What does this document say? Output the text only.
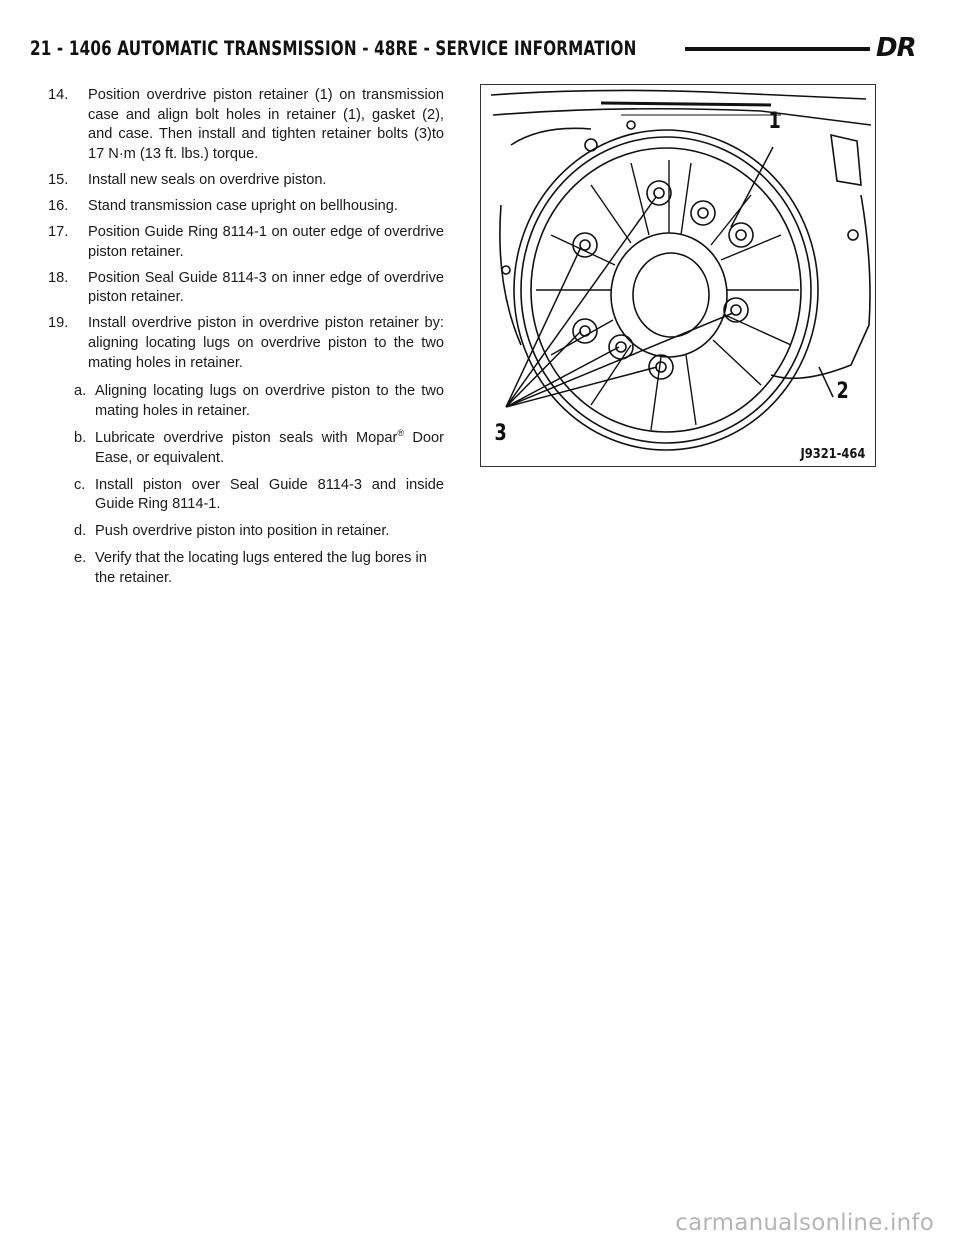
21 - 1406 AUTOMATIC TRANSMISSION - 48RE - SERVICE INFORMATION	DR
14.	Position overdrive piston retainer (1) on transmission case and align bolt holes in retainer (1), gasket (2), and case. Then install and tighten retainer bolts (3)to 17 N·m (13 ft. lbs.) torque.
15.	Install new seals on overdrive piston.
16.	Stand transmission case upright on bellhousing.
17.	Position Guide Ring 8114-1 on outer edge of overdrive piston retainer.
18.	Position Seal Guide 8114-3 on inner edge of overdrive piston retainer.
19.	Install overdrive piston in overdrive piston retainer by: aligning locating lugs on overdrive piston to the two mating holes in retainer.
a. Aligning locating lugs on overdrive piston to the two mating holes in retainer.
b. Lubricate overdrive piston seals with Mopar® Door Ease, or equivalent.
c. Install piston over Seal Guide 8114-3 and inside Guide Ring 8114-1.
d. Push overdrive piston into position in retainer.
e. Verify that the locating lugs entered the lug bores in the retainer.
1
2
3
J9321-464
carmanualsonline.info
